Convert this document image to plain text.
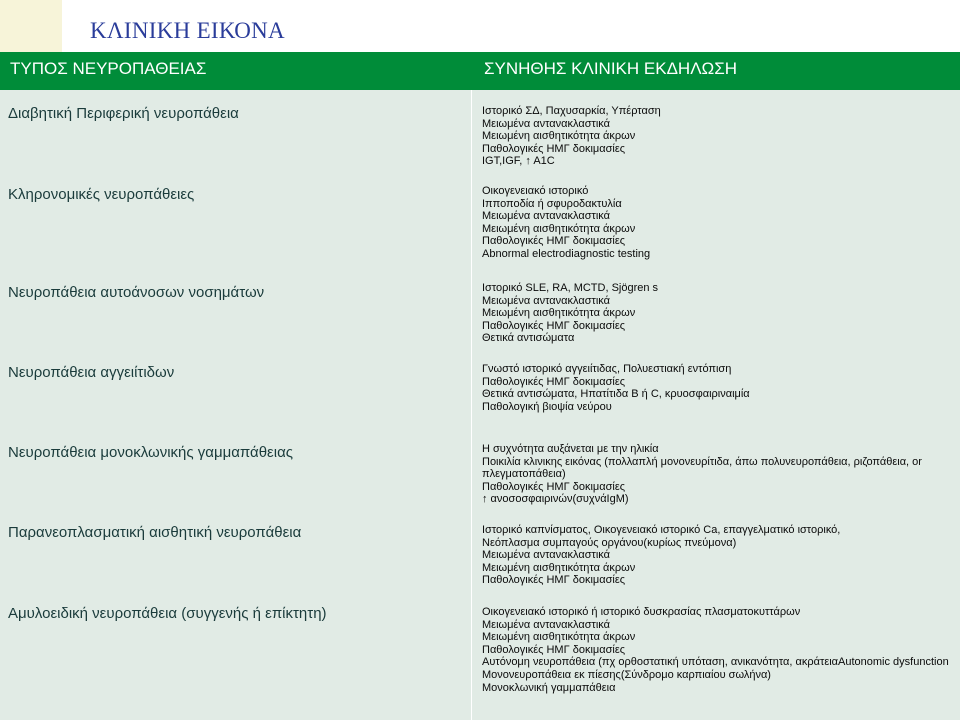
ΚΛΙΝΙΚΗ ΕΙΚΟΝΑ
ΤΥΠΟΣ ΝΕΥΡΟΠΑΘΕΙΑΣ	ΣΥΝΗΘΗΣ ΚΛΙΝΙΚΗ ΕΚΔΗΛΩΣΗ
Διαβητική Περιφερική νευροπάθεια	Ιστορικό ΣΔ, Παχυσαρκία, Υπέρταση
Μειωμένα αντανακλαστικά
Μειωμένη αισθητικότητα άκρων
Παθολογικές ΗΜΓ δοκιμασίες
IGT,IGF, ↑ A1C
Κληρονομικές νευροπάθειες	Οικογενειακό ιστορικό
Ιπποποδία ή σφυροδακτυλία
Μειωμένα αντανακλαστικά
Μειωμένη αισθητικότητα άκρων
Παθολογικές ΗΜΓ δοκιμασίες
Abnormal electrodiagnostic testing
Νευροπάθεια αυτοάνοσων νοσημάτων	Ιστορικό SLE, RA, MCTD, Sjögren s
Μειωμένα αντανακλαστικά
Μειωμένη αισθητικότητα άκρων
Παθολογικές ΗΜΓ δοκιμασίες
Θετικά αντισώματα
Νευροπάθεια αγγειίτιδων	Γνωστό ιστορικό αγγειίτιδας, Πολυεστιακή εντόπιση
Παθολογικές ΗΜΓ δοκιμασίες
Θετικά αντισώματα, Ηπατίτιδα B ή C, κρυοσφαιριναιμία
Παθολογική βιοψία νεύρου
Νευροπάθεια μονοκλωνικής γαμμαπάθειας	Η συχνότητα αυξάνεται με την ηλικία
Ποικιλία κλινικης εικόνας (πολλαπλή μονονευρίτιδα, άπω πολυνευροπάθεια, ριζοπάθεια, οr
πλεγματοπάθεια)
Παθολογικές ΗΜΓ δοκιμασίες
↑ ανοσοσφαιρινών(συχνάIgM)
Παρανεοπλασματική αισθητική νευροπάθεια	Ιστορικό καπνίσματος, Οικογενειακό ιστορικό Ca, επαγγελματικό ιστορικό,
Νεόπλασμα συμπαγούς οργάνου(κυρίως πνεύμονα)
Μειωμένα αντανακλαστικά
Μειωμένη αισθητικότητα άκρων
Παθολογικές ΗΜΓ δοκιμασίες
Αμυλοειδική νευροπάθεια (συγγενής ή επίκτητη)	Οικογενειακό ιστορικό ή ιστορικό δυσκρασίας πλασματοκυττάρων
Μειωμένα αντανακλαστικά
Μειωμένη αισθητικότητα άκρων
Παθολογικές ΗΜΓ δοκιμασίες
Αυτόνομη νευροπάθεια (πχ ορθοστατική υπόταση, ανικανότητα, ακράτειαAutonomic dysfunction
Μονονευροπάθεια εκ πίεσης(Σύνδρομο καρπιαίου σωλήνα)
Μονοκλωνική γαμμαπάθεια
